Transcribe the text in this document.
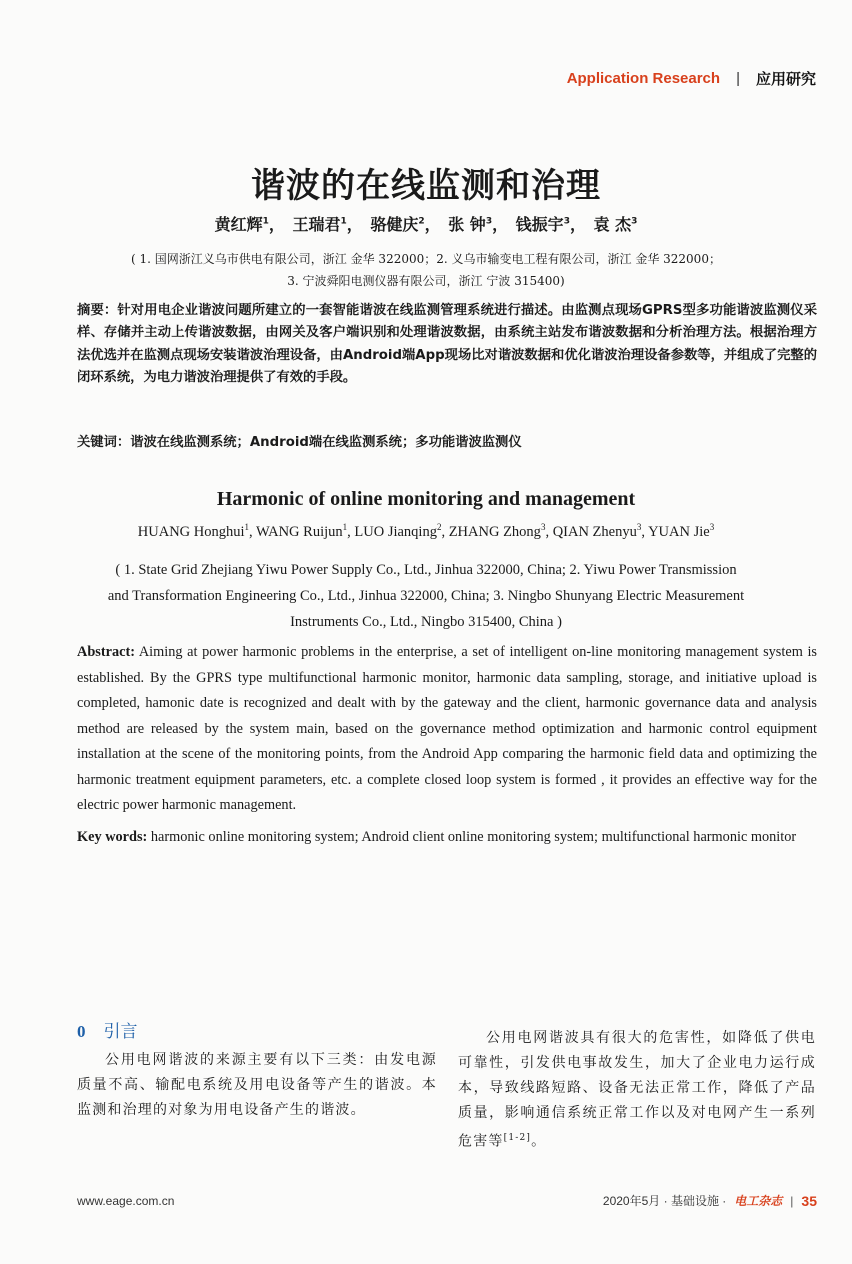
Application Research	|	应用研究
谐波的在线监测和治理
黄红辉$^1$， 王瑞君$^1$， 骆健庆$^2$， 张 钟$^3$， 钱振宇$^3$， 袁 杰$^3$
( 1. 国网浙江义乌市供电有限公司，浙江 金华 322000；2. 义乌市输变电工程有限公司，浙江 金华 322000；
3. 宁波舜阳电测仪器有限公司，浙江 宁波 315400)
摘要：针对用电企业谐波问题所建立的一套智能谐波在线监测管理系统进行描述。由监测点现场GPRS型多功能谐波监测仪采样、存储并主动上传谐波数据，由网关及客户端识别和处理谐波数据，由系统主站发布谐波数据和分析治理方法。根据治理方法优选并在监测点现场安装谐波治理设备，由Android端App现场比对谐波数据和优化谐波治理设备参数等，并组成了完整的闭环系统，为电力谐波治理提供了有效的手段。
关键词：谐波在线监测系统；Android端在线监测系统；多功能谐波监测仪
Harmonic of online monitoring and management
HUANG Honghui$^1$, WANG Ruijun$^1$, LUO Jianqing$^2$, ZHANG Zhong$^3$, QIAN Zhenyu$^3$, YUAN Jie$^3$
( 1. State Grid Zhejiang Yiwu Power Supply Co., Ltd., Jinhua 322000, China; 2. Yiwu Power Transmission
and Transformation Engineering Co., Ltd., Jinhua 322000, China; 3. Ningbo Shunyang Electric Measurement
Instruments Co., Ltd., Ningbo 315400, China )
Abstract: Aiming at power harmonic problems in the enterprise, a set of intelligent on-line monitoring management system is established. By the GPRS type multifunctional harmonic monitor, harmonic data sampling, storage, and initiative upload is completed, hamonic date is recognized and dealt with by the gateway and the client, harmonic governance data and analysis method are released by the system main, based on the governance method optimization and harmonic control equipment installation at the scene of the monitoring points, from the Android App comparing the harmonic field data and optimizing the harmonic treatment equipment parameters, etc. a complete closed loop system is formed , it provides an effective way for the electric power harmonic management.
Key words: harmonic online monitoring system; Android client online monitoring system; multifunctional harmonic monitor
0 引言
公用电网谐波的来源主要有以下三类：由发电源质量不高、输配电系统及用电设备等产生的谐波。本监测和治理的对象为用电设备产生的谐波。
公用电网谐波具有很大的危害性，如降低了供电可靠性，引发供电事故发生，加大了企业电力运行成本，导致线路短路、设备无法正常工作，降低了产品质量，影响通信系统正常工作以及对电网产生一系列危害等[1-2]。
www.eage.com.cn	2020年5月 · 基础设施 · 电工杂志 | 35
